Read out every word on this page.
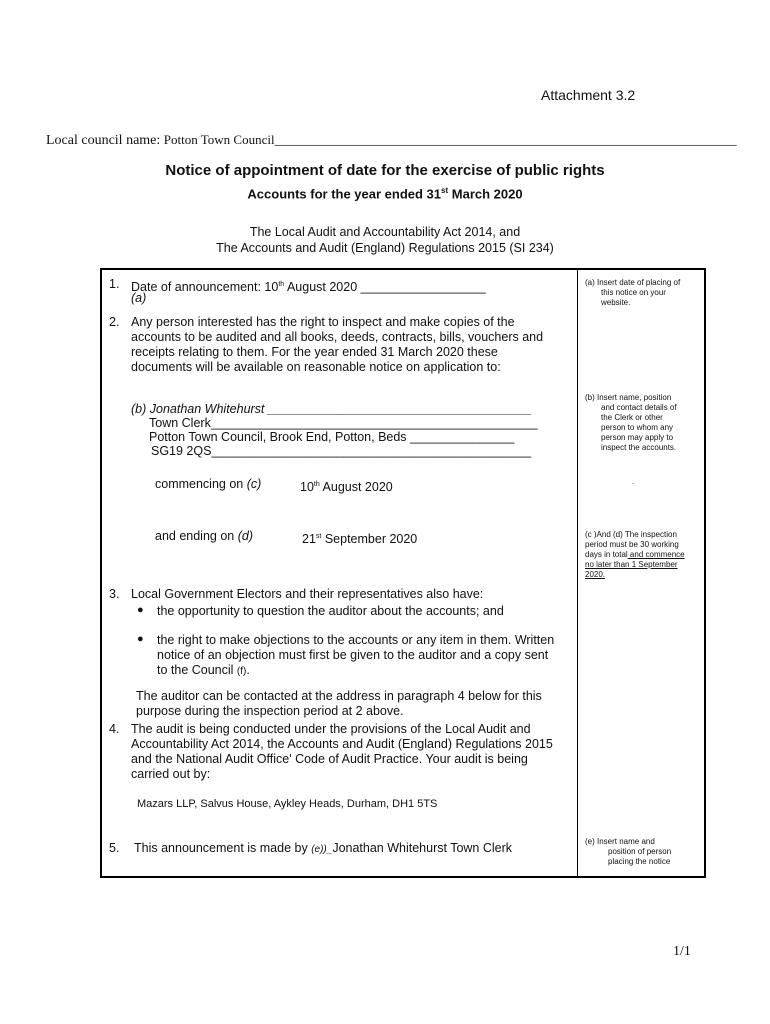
Attachment 3.2
Local council name: Potton Town Council__________________________________________________________________
Notice of appointment of date for the exercise of public rights
Accounts for the year ended 31st March 2020
The Local Audit and Accountability Act 2014, and
The Accounts and Audit (England) Regulations 2015 (SI 234)
1. Date of announcement: 10th August 2020 __________________
(a)
2. Any person interested has the right to inspect and make copies of the
accounts to be audited and all books, deeds, contracts, bills, vouchers and
receipts relating to them. For the year ended 31 March 2020 these
documents will be available on reasonable notice on application to:
(b) Jonathan Whitehurst ______________________________________
Town Clerk_______________________________________________
Potton Town Council, Brook End, Potton, Beds _______________
SG19 2QS______________________________________________
commencing on (c)	10th August 2020
and ending on (d)	21st September 2020
3. Local Government Electors and their representatives also have:
● the opportunity to question the auditor about the accounts; and
● the right to make objections to the accounts or any item in them. Written
notice of an objection must first be given to the auditor and a copy sent
to the Council (f).
The auditor can be contacted at the address in paragraph 4 below for this
purpose during the inspection period at 2 above.
4. The audit is being conducted under the provisions of the Local Audit and
Accountability Act 2014, the Accounts and Audit (England) Regulations 2015
and the National Audit Office' Code of Audit Practice. Your audit is being
carried out by:
Mazars LLP, Salvus House, Aykley Heads, Durham, DH1 5TS
5. This announcement is made by (e))_Jonathan Whitehurst Town Clerk
(a) Insert date of placing of
this notice on your
website.
(b) Insert name, position
and contact details of
the Clerk or other
person to whom any
person may apply to
inspect the accounts.
.
(c )And (d) The inspection
period must be 30 working
days in total and commence
no later than 1 September
2020.
(e) Insert name and
position of person
placing the notice
1/1
